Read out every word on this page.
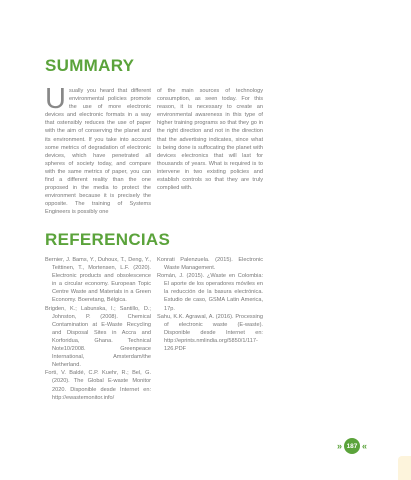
SUMMARY

Usually you heard that different environmental policies promote the use of more electronic devices and electronic formats in a way that ostensibly reduces the use of paper with the aim of conserving the planet and its environment. If you take into account some metrics of degradation of electronic devices, which have penetrated all spheres of society today, and compare with the same metrics of paper, you can find a different reality than the one proposed in the media to protect the environment because it is precisely the opposite. The training of Systems Engineers is possibly one

of the main sources of technology consumption, as seen today. For this reason, it is necessary to create an environmental awareness in this type of higher training programs so that they go in the right direction and not in the direction that the advertising indicates, since what is being done is suffocating the planet with devices electronics that will last for thousands of years. What is required is to intervene in two existing policies and establish controls so that they are truly complied with.

REFERENCIAS

Bernier, J. Bams, Y., Duhoux, T., Deng, Y., Teittinen, T., Mortensen, L.F. (2020). Electronic products and obsolescence in a circular economy. European Topic Centre Waste and Materials in a Green Economy. Boeretang, Bélgica.

Brigden, K.; Labunska, I.; Santillo, D.; Johnston, P. (2008). Chemical Contamination at E-Waste Recycling and Disposal Sites in Accra and Korforidua, Ghana. Technical Note10/2008. Greenpeace International, Amsterdam/the Netherland.

Forti, V. Baldé, C.P. Kuehr, R.; Bel, G. (2020). The Global E-waste Monitor 2020. Disponible desde Internet en: http://ewastemonitor.info/

Konrati Palenzuela. (2015). Electronic Waste Management.

Román, J. (2015). ¿Waste en Colombia: El aporte de los operadores móviles en la reducción de la basura electrónica. Estudio de caso, GSMA Latin America, 17p.

Sahu, K.K. Agrawal, A. (2016). Processing of electronic waste (E-waste). Disponible desde Internet en: http://eprints.nmlindia.org/5850/1/117-126.PDF

» 187 «
